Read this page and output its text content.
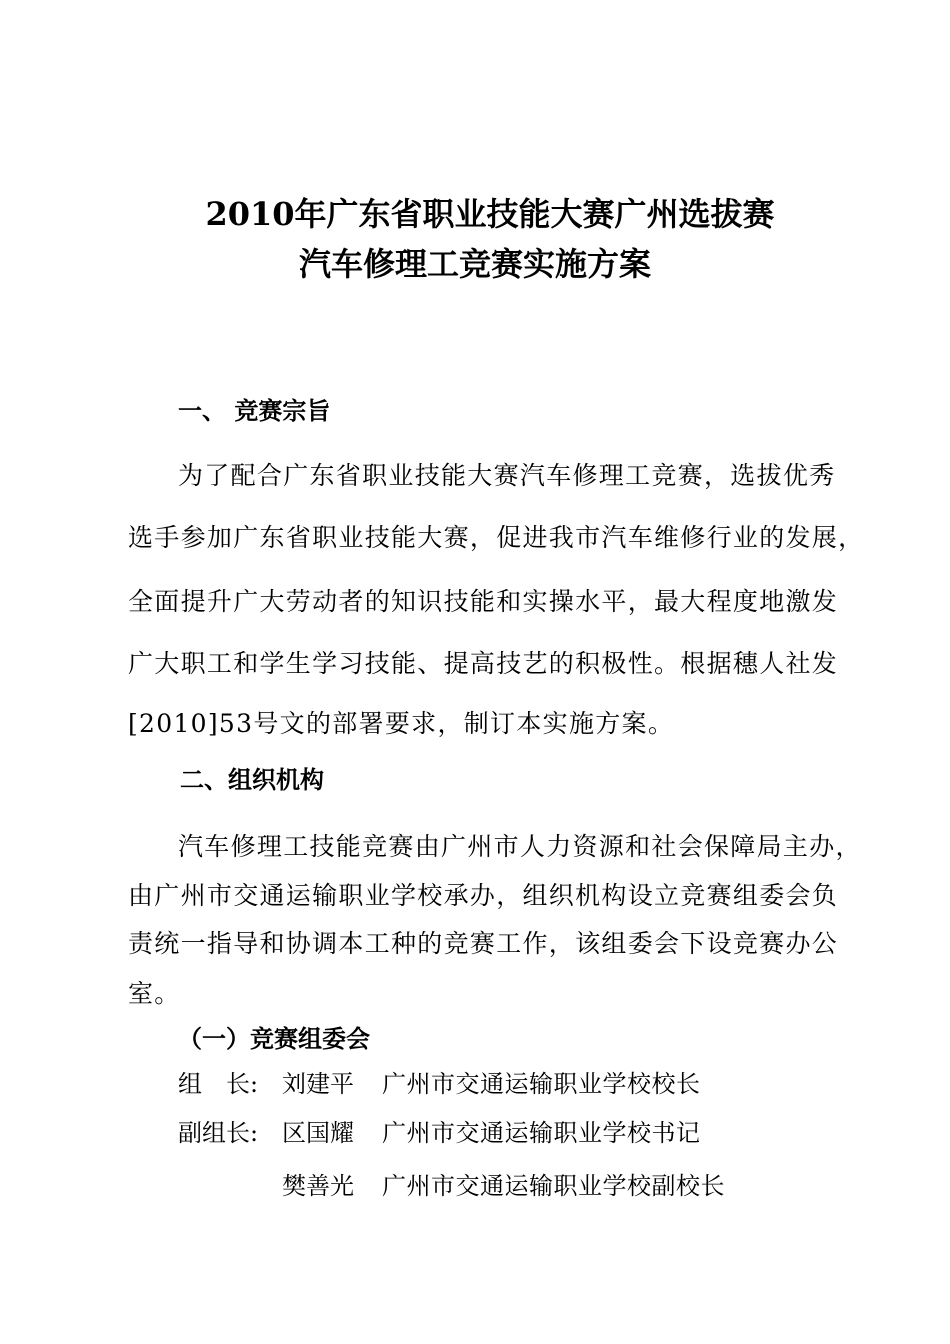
2010年广东省职业技能大赛广州选拔赛
汽车修理工竞赛实施方案
一、 竞赛宗旨
为了配合广东省职业技能大赛汽车修理工竞赛，选拔优秀
选手参加广东省职业技能大赛，促进我市汽车维修行业的发展，
全面提升广大劳动者的知识技能和实操水平，最大程度地激发
广大职工和学生学习技能、提高技艺的积极性。根据穗人社发
[2010]53号文的部署要求，制订本实施方案。
二、组织机构
汽车修理工技能竞赛由广州市人力资源和社会保障局主办，
由广州市交通运输职业学校承办，组织机构设立竞赛组委会负
责统一指导和协调本工种的竞赛工作，该组委会下设竞赛办公
室。
（一）竞赛组委会
组　长: 刘建平 广州市交通运输职业学校校长
副组长: 区国耀 广州市交通运输职业学校书记
樊善光 广州市交通运输职业学校副校长
